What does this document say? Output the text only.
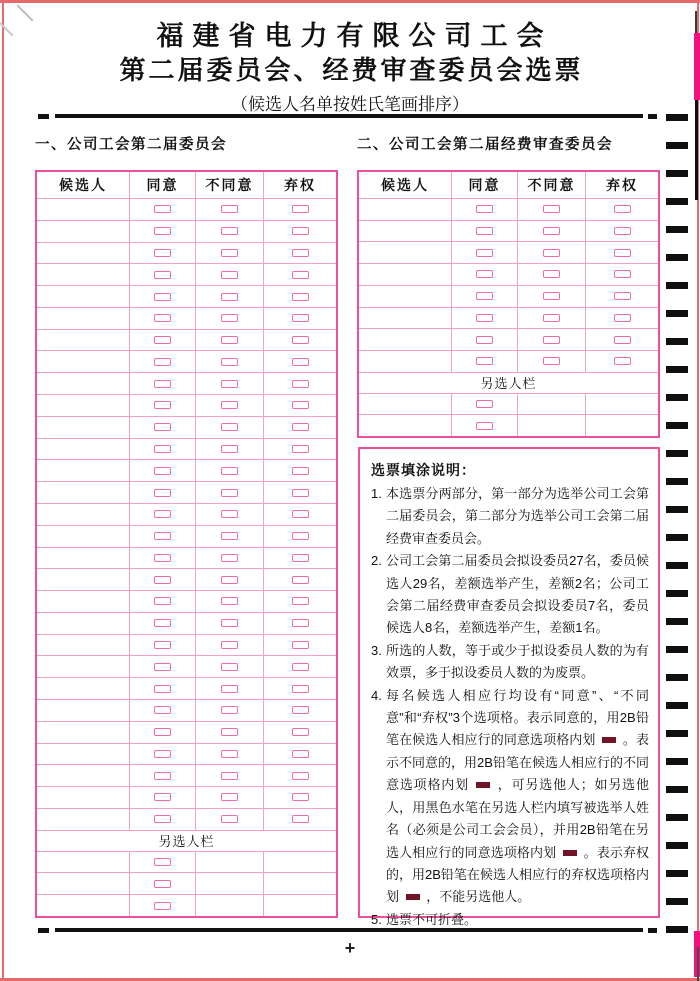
福建省电力有限公司工会
第二届委员会、经费审查委员会选票
（候选人名单按姓氏笔画排序）
一、公司工会第二届委员会	二、公司工会第二届经费审查委员会
候选人	同意	不同意	弃权
另选人栏
候选人	同意	不同意	弃权
另选人栏
选票填涂说明：
1. 本选票分两部分，第一部分为选举公司工会第二届委员会，第二部分为选举公司工会第二届经费审查委员会。
2. 公司工会第二届委员会拟设委员27名，委员候选人29名，差额选举产生，差额2名；公司工会第二届经费审查委员会拟设委员7名，委员候选人8名，差额选举产生，差额1名。
3. 所选的人数，等于或少于拟设委员人数的为有效票，多于拟设委员人数的为废票。
4. 每名候选人相应行均设有“同意”、“不同意”和“弃权”3个选项格。表示同意的，用2B铅笔在候选人相应行的同意选项格内划  。表示不同意的，用2B铅笔在候选人相应行的不同意选项格内划  ，可另选他人；如另选他人，用黑色水笔在另选人栏内填写被选举人姓名（必须是公司工会会员），并用2B铅笔在另选人相应行的同意选项格内划  。表示弃权的，用2B铅笔在候选人相应行的弃权选项格内划  ，不能另选他人。
5. 选票不可折叠。
+
